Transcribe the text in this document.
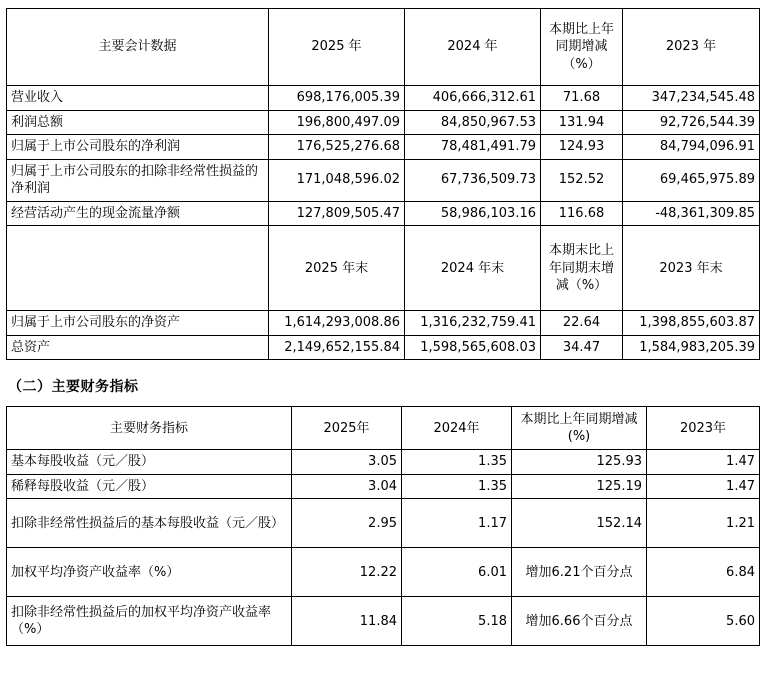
主要会计数据	2025 年	2024 年	本期比上年同期增减（%）	2023 年
营业收入	698,176,005.39	406,666,312.61	71.68	347,234,545.48
利润总额	196,800,497.09	84,850,967.53	131.94	92,726,544.39
归属于上市公司股东的净利润	176,525,276.68	78,481,491.79	124.93	84,794,096.91
归属于上市公司股东的扣除非经常性损益的净利润	171,048,596.02	67,736,509.73	152.52	69,465,975.89
经营活动产生的现金流量净额	127,809,505.47	58,986,103.16	116.68	-48,361,309.85
	2025 年末	2024 年末	本期末比上年同期末增减（%）	2023 年末
归属于上市公司股东的净资产	1,614,293,008.86	1,316,232,759.41	22.64	1,398,855,603.87
总资产	2,149,652,155.84	1,598,565,608.03	34.47	1,584,983,205.39
（二）主要财务指标
主要财务指标	2025年	2024年	本期比上年同期增减(%)	2023年
基本每股收益（元／股）	3.05	1.35	125.93	1.47
稀释每股收益（元／股）	3.04	1.35	125.19	1.47
扣除非经常性损益后的基本每股收益（元／股）	2.95	1.17	152.14	1.21
加权平均净资产收益率（%）	12.22	6.01	增加6.21个百分点	6.84
扣除非经常性损益后的加权平均净资产收益率（%）	11.84	5.18	增加6.66个百分点	5.60
